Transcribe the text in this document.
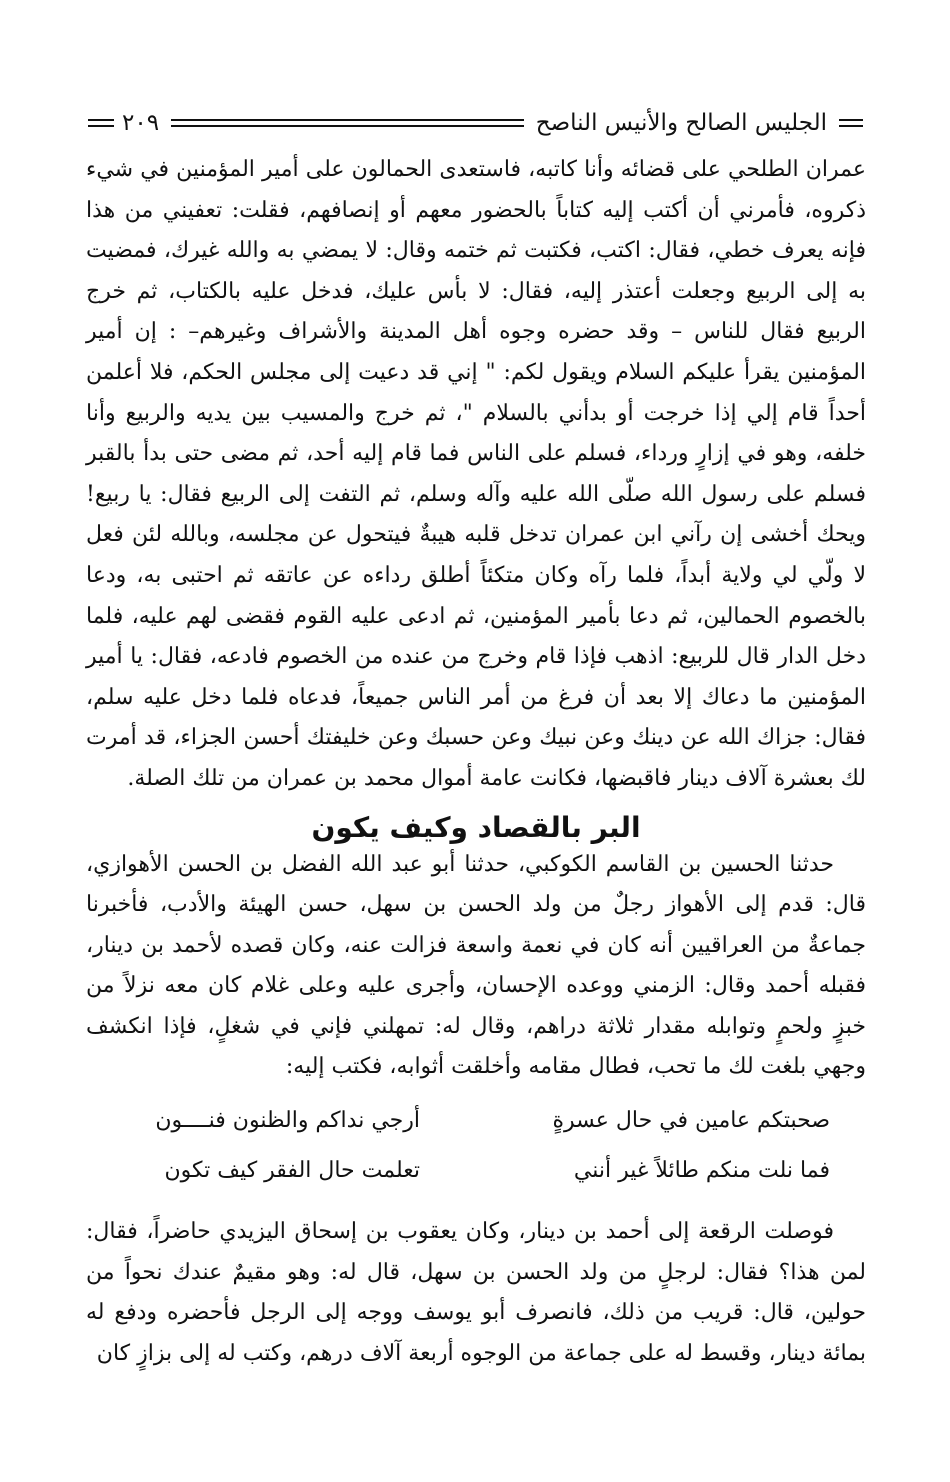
الجليس الصالح والأنيس الناصح
٢٠٩

عمران الطلحي على قضائه وأنا كاتبه، فاستعدى الحمالون على أمير المؤمنين في شيء ذكروه، فأمرني أن أكتب إليه كتاباً بالحضور معهم أو إنصافهم، فقلت: تعفيني من هذا فإنه يعرف خطي، فقال: اكتب، فكتبت ثم ختمه وقال: لا يمضي به والله غيرك، فمضيت به إلى الربيع وجعلت أعتذر إليه، فقال: لا بأس عليك، فدخل عليه بالكتاب، ثم خرج الربيع فقال للناس – وقد حضره وجوه أهل المدينة والأشراف وغيرهم– : إن أمير المؤمنين يقرأ عليكم السلام ويقول لكم: " إني قد دعيت إلى مجلس الحكم، فلا أعلمن أحداً قام إلي إذا خرجت أو بدأني بالسلام "، ثم خرج والمسيب بين يديه والربيع وأنا خلفه، وهو في إزارٍ ورداء، فسلم على الناس فما قام إليه أحد، ثم مضى حتى بدأ بالقبر فسلم على رسول الله صلّى الله عليه وآله وسلم، ثم التفت إلى الربيع فقال: يا ربيع! ويحك أخشى إن رآني ابن عمران تدخل قلبه هيبةٌ فيتحول عن مجلسه، وبالله لئن فعل لا ولّي لي ولاية أبداً، فلما رآه وكان متكئاً أطلق رداءه عن عاتقه ثم احتبى به، ودعا بالخصوم الحمالين، ثم دعا بأمير المؤمنين، ثم ادعى عليه القوم فقضى لهم عليه، فلما دخل الدار قال للربيع: اذهب فإذا قام وخرج من عنده من الخصوم فادعه، فقال: يا أمير المؤمنين ما دعاك إلا بعد أن فرغ من أمر الناس جميعاً، فدعاه فلما دخل عليه سلم، فقال: جزاك الله عن دينك وعن نبيك وعن حسبك وعن خليفتك أحسن الجزاء، قد أمرت لك بعشرة آلاف دينار فاقبضها، فكانت عامة أموال محمد بن عمران من تلك الصلة.

البر بالقصاد وكيف يكون

حدثنا الحسين بن القاسم الكوكبي، حدثنا أبو عبد الله الفضل بن الحسن الأهوازي، قال: قدم إلى الأهواز رجلٌ من ولد الحسن بن سهل، حسن الهيئة والأدب، فأخبرنا جماعةٌ من العراقيين أنه كان في نعمة واسعة فزالت عنه، وكان قصده لأحمد بن دينار، فقبله أحمد وقال: الزمني ووعده الإحسان، وأجرى عليه وعلى غلام كان معه نزلاً من خبزٍ ولحمٍ وتوابله مقدار ثلاثة دراهم، وقال له: تمهلني فإني في شغلٍ، فإذا انكشف وجهي بلغت لك ما تحب، فطال مقامه وأخلقت أثوابه، فكتب إليه:

صحبتكم عامين في حال عسرةٍ
أرجي نداكم والظنون فنــــون
فما نلت منكم طائلاً غير أنني
تعلمت حال الفقر كيف تكون

فوصلت الرقعة إلى أحمد بن دينار، وكان يعقوب بن إسحاق اليزيدي حاضراً، فقال: لمن هذا؟ فقال: لرجلٍ من ولد الحسن بن سهل، قال له: وهو مقيمٌ عندك نحواً من حولين، قال: قريب من ذلك، فانصرف أبو يوسف ووجه إلى الرجل فأحضره ودفع له بمائة دينار، وقسط له على جماعة من الوجوه أربعة آلاف درهم، وكتب له إلى بزازٍ كان
